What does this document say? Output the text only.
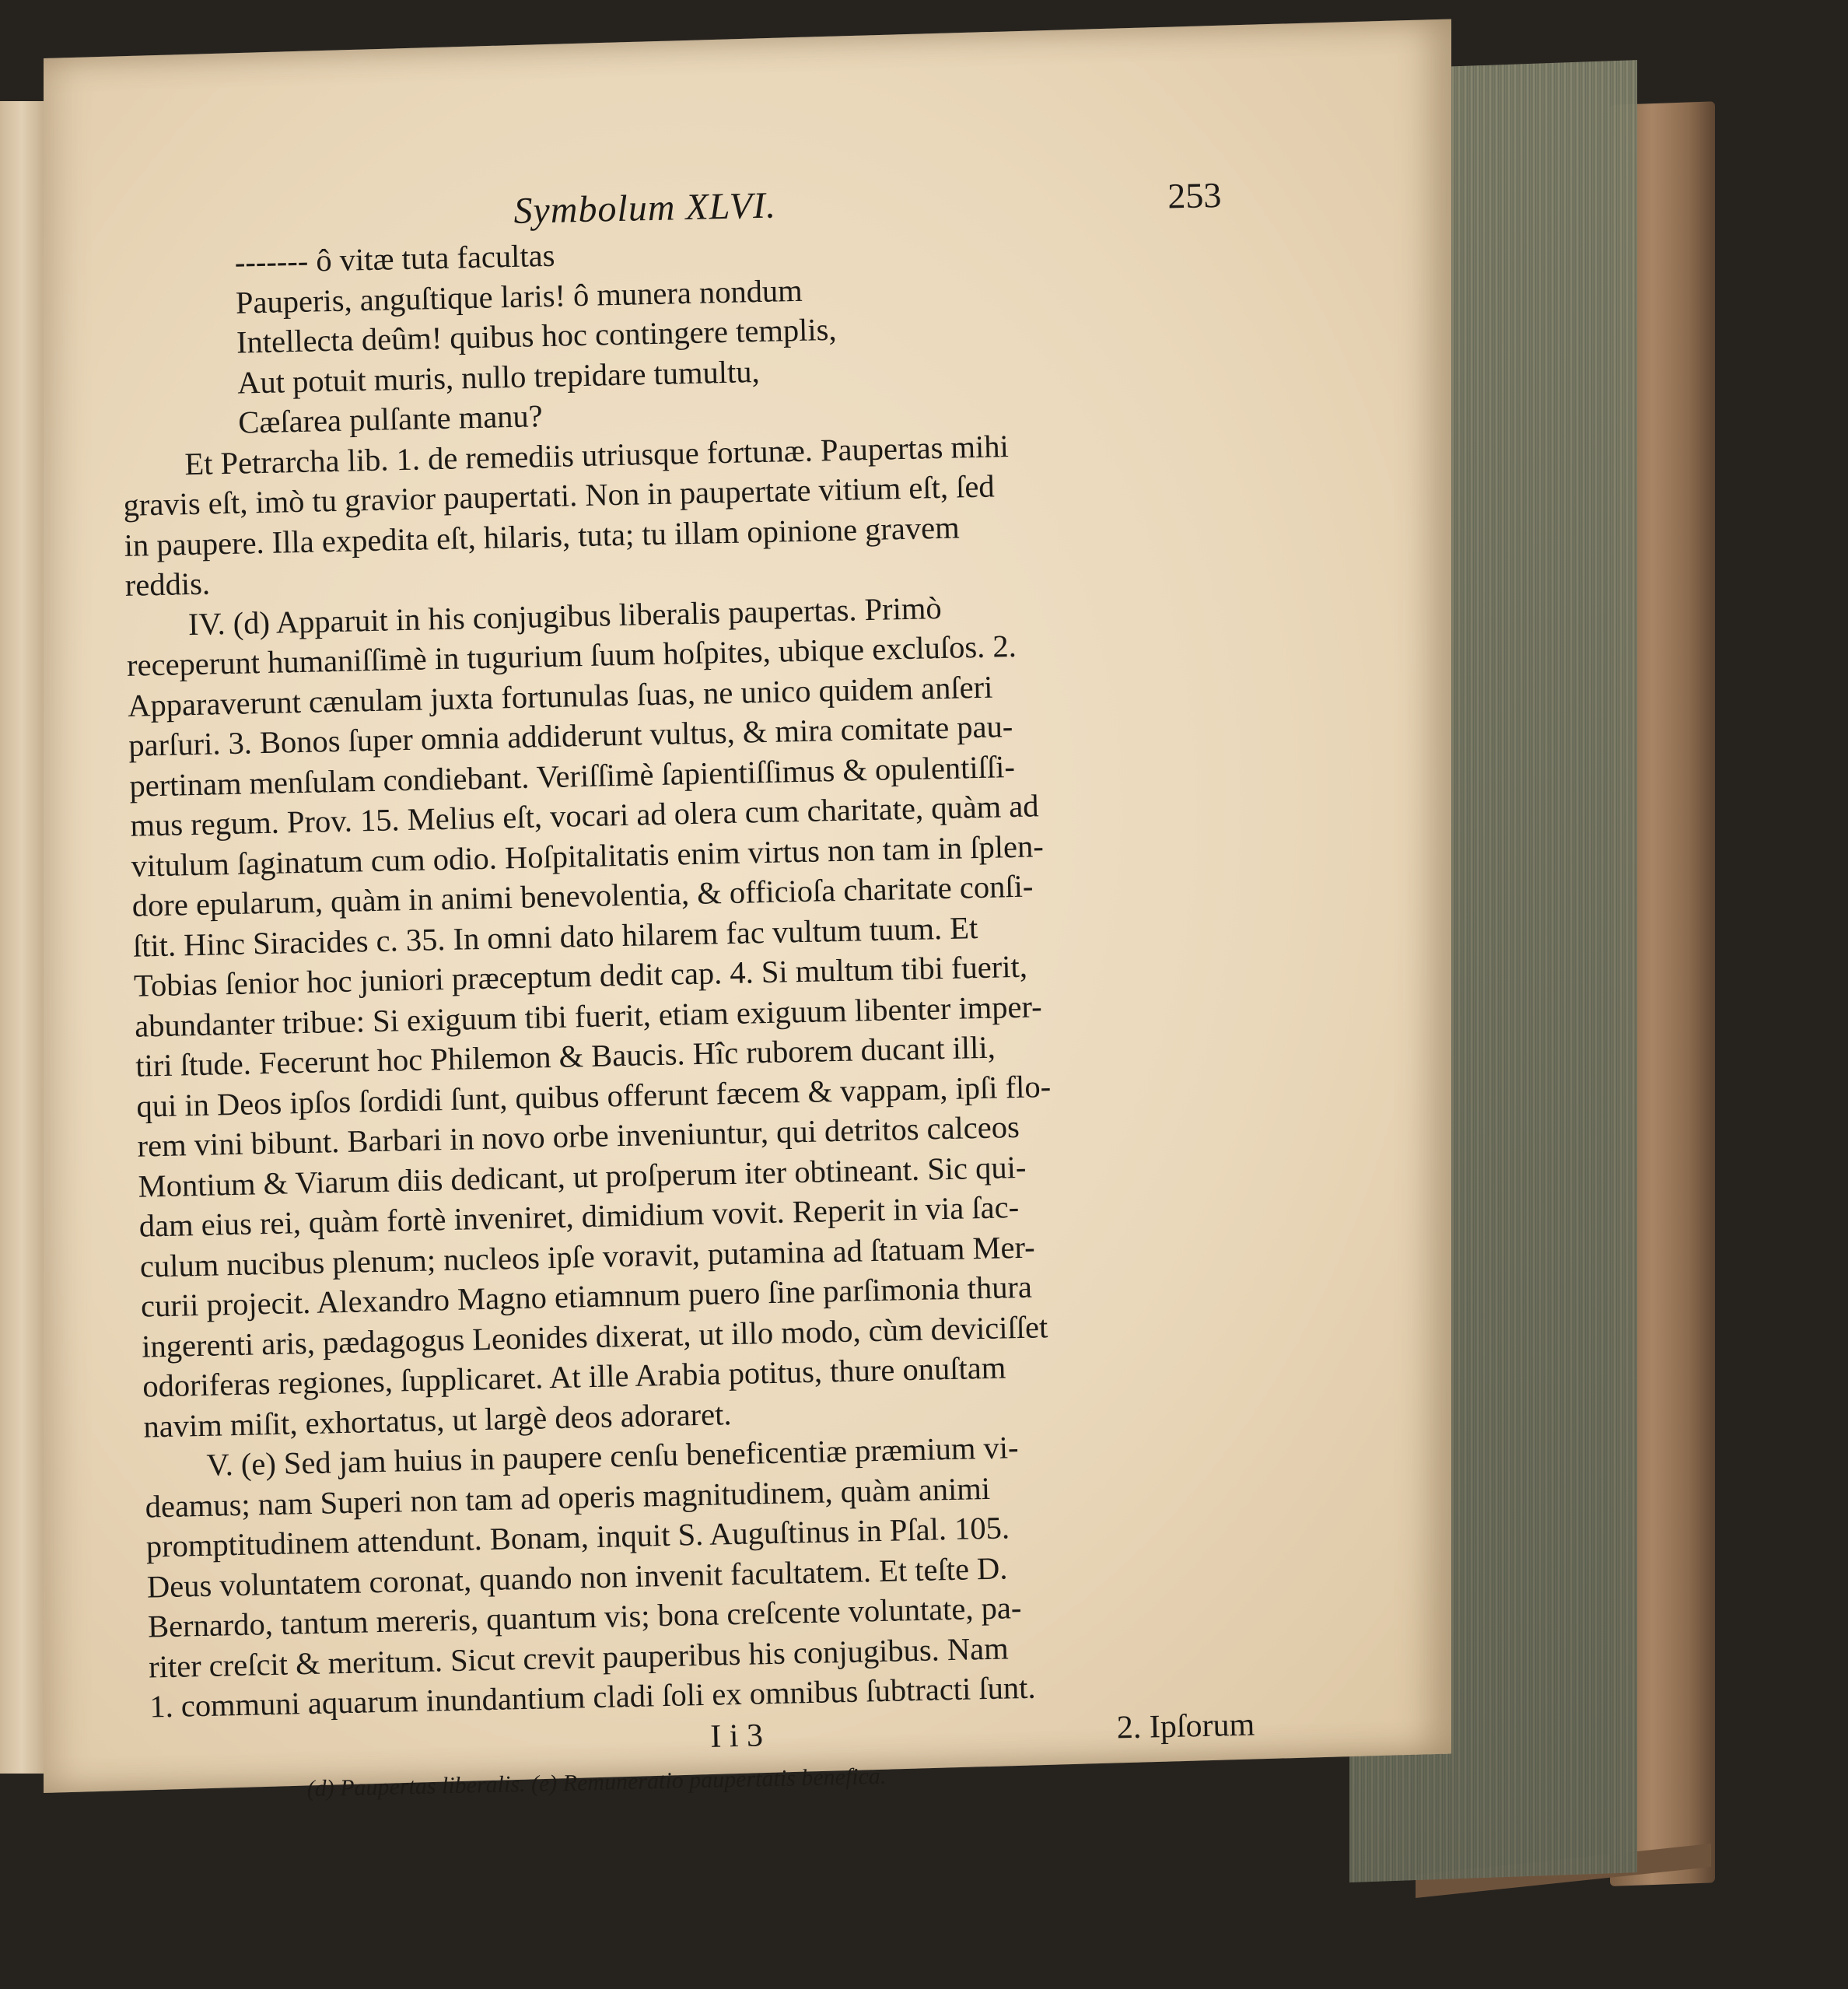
Symbolum XLVI.	253
------- ô vitæ tuta facultas
Pauperis, anguſtique laris! ô munera nondum
Intellecta deûm! quibus hoc contingere templis,
Aut potuit muris, nullo trepidare tumultu,
Cæſarea pulſante manu?
Et Petrarcha lib. 1. de remediis utriusque fortunæ. Paupertas mihi
gravis eſt, imò tu gravior paupertati. Non in paupertate vitium eſt, ſed
in paupere. Illa expedita eſt, hilaris, tuta; tu illam opinione gravem
reddis.
IV. (d) Apparuit in his conjugibus liberalis paupertas. Primò
receperunt humaniſſimè in tugurium ſuum hoſpites, ubique excluſos. 2.
Apparaverunt cænulam juxta fortunulas ſuas, ne unico quidem anſeri
parſuri. 3. Bonos ſuper omnia addiderunt vultus, & mira comitate pau-
pertinam menſulam condiebant. Veriſſimè ſapientiſſimus & opulentiſſi-
mus regum. Prov. 15. Melius eſt, vocari ad olera cum charitate, quàm ad
vitulum ſaginatum cum odio. Hoſpitalitatis enim virtus non tam in ſplen-
dore epularum, quàm in animi benevolentia, & officioſa charitate conſi-
ſtit. Hinc Siracides c. 35. In omni dato hilarem fac vultum tuum. Et
Tobias ſenior hoc juniori præceptum dedit cap. 4. Si multum tibi fuerit,
abundanter tribue: Si exiguum tibi fuerit, etiam exiguum libenter imper-
tiri ſtude. Fecerunt hoc Philemon & Baucis. Hîc ruborem ducant illi,
qui in Deos ipſos ſordidi ſunt, quibus offerunt fæcem & vappam, ipſi flo-
rem vini bibunt. Barbari in novo orbe inveniuntur, qui detritos calceos
Montium & Viarum diis dedicant, ut proſperum iter obtineant. Sic qui-
dam eius rei, quàm fortè inveniret, dimidium vovit. Reperit in via ſac-
culum nucibus plenum; nucleos ipſe voravit, putamina ad ſtatuam Mer-
curii projecit. Alexandro Magno etiamnum puero ſine parſimonia thura
ingerenti aris, pædagogus Leonides dixerat, ut illo modo, cùm deviciſſet
odoriferas regiones, ſupplicaret. At ille Arabia potitus, thure onuſtam
navim miſit, exhortatus, ut largè deos adoraret.
V. (e) Sed jam huius in paupere cenſu beneficentiæ præmium vi-
deamus; nam Superi non tam ad operis magnitudinem, quàm animi
promptitudinem attendunt. Bonam, inquit S. Auguſtinus in Pſal. 105.
Deus voluntatem coronat, quando non invenit facultatem. Et teſte D.
Bernardo, tantum mereris, quantum vis; bona creſcente voluntate, pa-
riter creſcit & meritum. Sicut crevit pauperibus his conjugibus. Nam
1. communi aquarum inundantium cladi ſoli ex omnibus ſubtracti ſunt.
I i 3	2. Ipſorum
(d) Paupertas liberalis. (e) Remuneratio paupertatis benefica.
